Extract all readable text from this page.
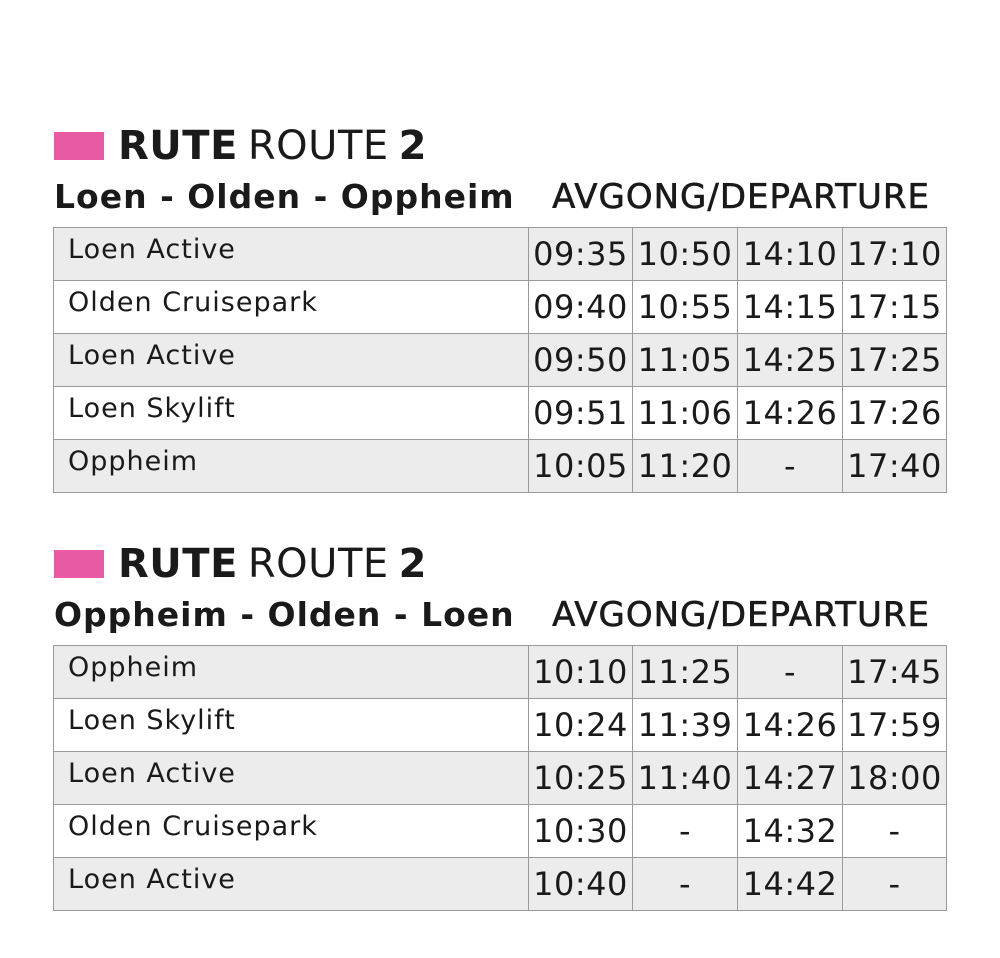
RUTE ROUTE 2
Loen - Olden - Oppheim AVGONG/DEPARTURE
Loen Active	09:35	10:50	14:10	17:10
Olden Cruisepark	09:40	10:55	14:15	17:15
Loen Active	09:50	11:05	14:25	17:25
Loen Skylift	09:51	11:06	14:26	17:26
Oppheim	10:05	11:20	-	17:40
RUTE ROUTE 2
Oppheim - Olden - Loen AVGONG/DEPARTURE
Oppheim	10:10	11:25	-	17:45
Loen Skylift	10:24	11:39	14:26	17:59
Loen Active	10:25	11:40	14:27	18:00
Olden Cruisepark	10:30	-	14:32	-
Loen Active	10:40	-	14:42	-
